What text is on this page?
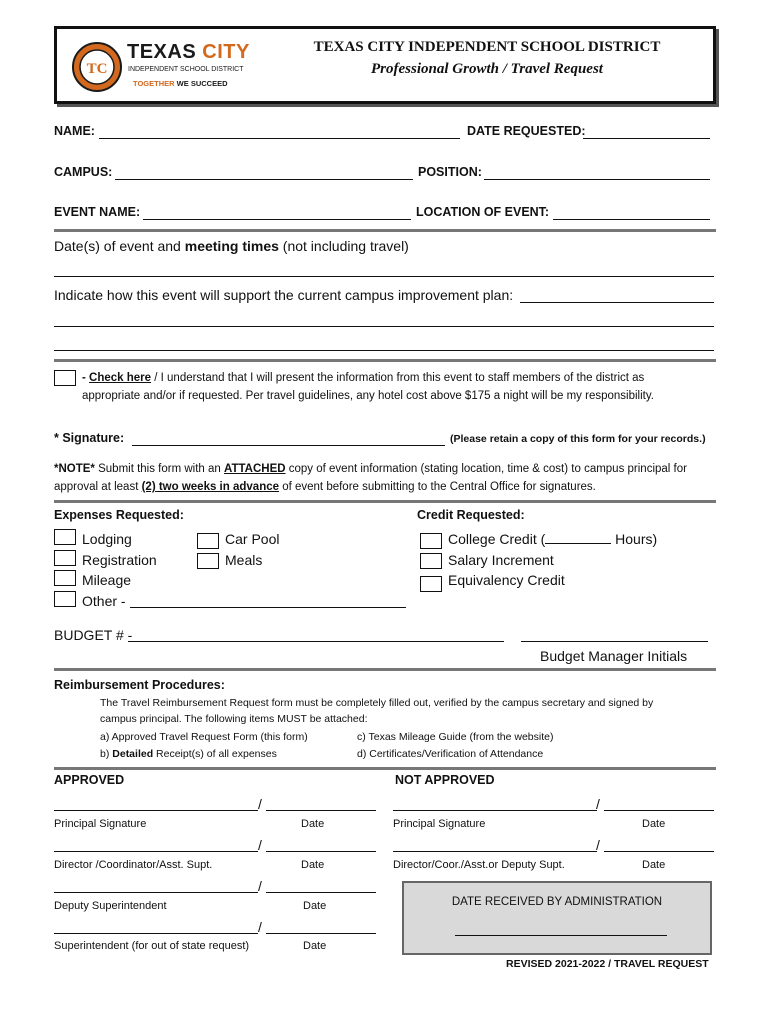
TC
TEXAS CITY
INDEPENDENT SCHOOL DISTRICT
TOGETHER WE SUCCEED
TEXAS CITY INDEPENDENT SCHOOL DISTRICT
Professional Growth / Travel Request
NAME:	DATE REQUESTED:
CAMPUS:	POSITION:
EVENT NAME:	LOCATION OF EVENT:
Date(s) of event and meeting times (not including travel)
Indicate how this event will support the current campus improvement plan:
- Check here / I understand that I will present the information from this event to staff members of the district as
appropriate and/or if requested. Per travel guidelines, any hotel cost above $175 a night will be my responsibility.
* Signature:	(Please retain a copy of this form for your records.)
*NOTE* Submit this form with an ATTACHED copy of event information (stating location, time & cost) to campus principal for
approval at least (2) two weeks in advance of event before submitting to the Central Office for signatures.
Expenses Requested:
Lodging
Registration
Mileage
Other -
Car Pool
Meals
Credit Requested:
College Credit (	Hours)
Salary Increment
Equivalency Credit
BUDGET # -
Budget Manager Initials
Reimbursement Procedures:
The Travel Reimbursement Request form must be completely filled out, verified by the campus secretary and signed by
campus principal. The following items MUST be attached:
a) Approved Travel Request Form (this form)
b) Detailed Receipt(s) of all expenses
c) Texas Mileage Guide (from the website)
d) Certificates/Verification of Attendance
APPROVED
/
Principal Signature	Date
/
Director /Coordinator/Asst. Supt.	Date
/
Deputy Superintendent	Date
/
Superintendent (for out of state request)	Date
NOT APPROVED
/
Principal Signature	Date
/
Director/Coor./Asst.or Deputy Supt.	Date
DATE RECEIVED BY ADMINISTRATION
REVISED 2021-2022 / TRAVEL REQUEST
